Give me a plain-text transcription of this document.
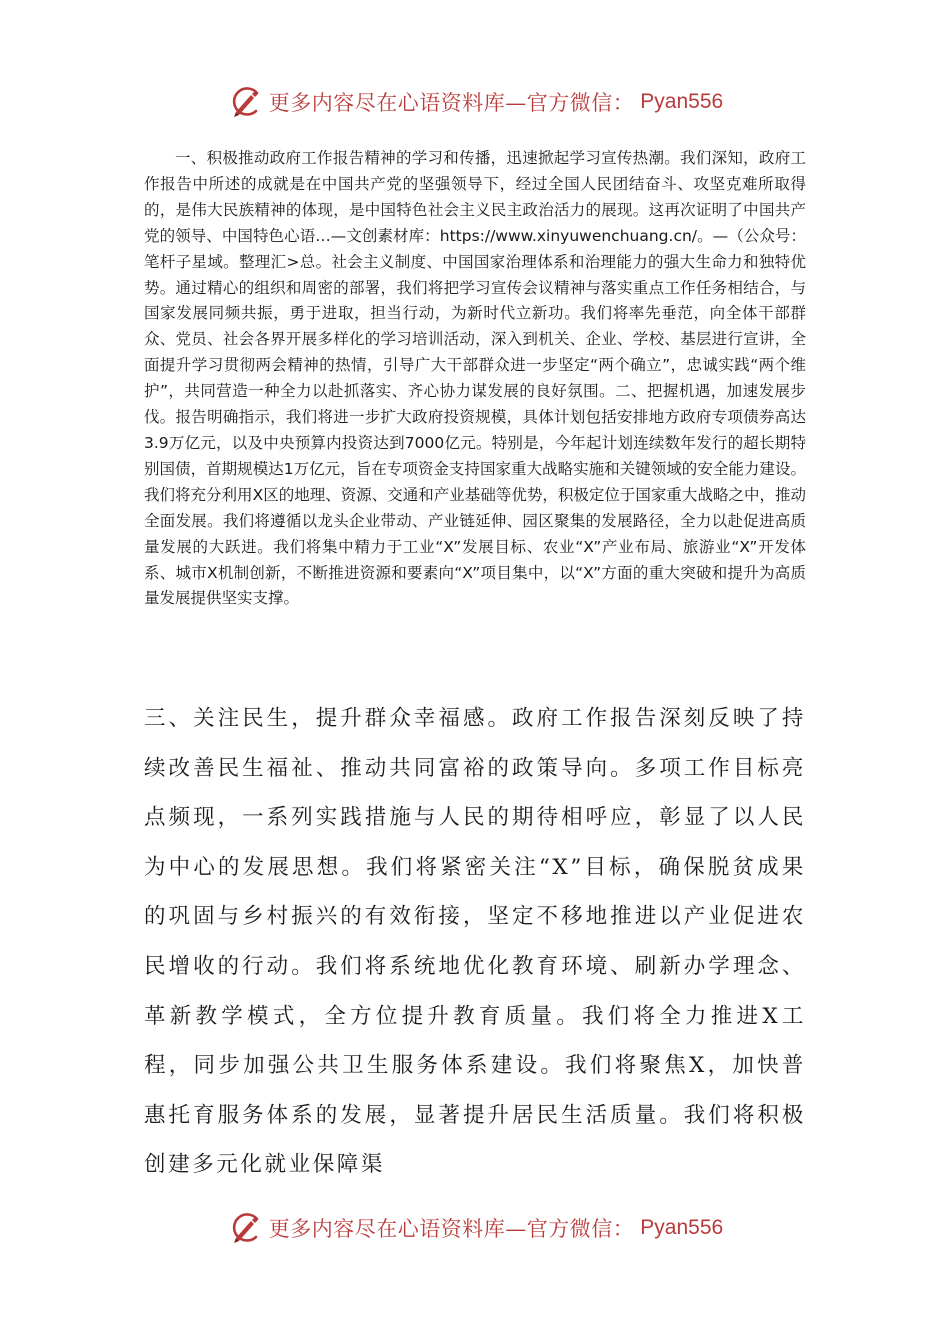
更多内容尽在心语资料库—官方微信： Pyan556

一、积极推动政府工作报告精神的学习和传播，迅速掀起学习宣传热潮。我们深知，政府工作报告中所述的成就是在中国共产党的坚强领导下，经过全国人民团结奋斗、攻坚克难所取得的，是伟大民族精神的体现，是中国特色社会主义民主政治活力的展现。这再次证明了中国共产党的领导、中国特色心语…—文创素材库：https://www.xinyuwenchuang.cn/。—（公众号：笔杆子星域。整理汇>总。社会主义制度、中国国家治理体系和治理能力的强大生命力和独特优势。通过精心的组织和周密的部署，我们将把学习宣传会议精神与落实重点工作任务相结合，与国家发展同频共振，勇于进取，担当行动，为新时代立新功。我们将率先垂范，向全体干部群众、党员、社会各界开展多样化的学习培训活动，深入到机关、企业、学校、基层进行宣讲，全面提升学习贯彻两会精神的热情，引导广大干部群众进一步坚定“两个确立”，忠诚实践“两个维护”，共同营造一种全力以赴抓落实、齐心协力谋发展的良好氛围。二、把握机遇，加速发展步伐。报告明确指示，我们将进一步扩大政府投资规模，具体计划包括安排地方政府专项债券高达3.9万亿元，以及中央预算内投资达到7000亿元。特别是，今年起计划连续数年发行的超长期特别国债，首期规模达1万亿元，旨在专项资金支持国家重大战略实施和关键领域的安全能力建设。我们将充分利用X区的地理、资源、交通和产业基础等优势，积极定位于国家重大战略之中，推动全面发展。我们将遵循以龙头企业带动、产业链延伸、园区聚集的发展路径，全力以赴促进高质量发展的大跃进。我们将集中精力于工业“X”发展目标、农业“X”产业布局、旅游业“X”开发体系、城市X机制创新，不断推进资源和要素向“X”项目集中，以“X”方面的重大突破和提升为高质量发展提供坚实支撑。

三、关注民生，提升群众幸福感。政府工作报告深刻反映了持续改善民生福祉、推动共同富裕的政策导向。多项工作目标亮点频现，一系列实践措施与人民的期待相呼应，彰显了以人民为中心的发展思想。我们将紧密关注“X”目标，确保脱贫成果的巩固与乡村振兴的有效衔接，坚定不移地推进以产业促进农民增收的行动。我们将系统地优化教育环境、刷新办学理念、革新教学模式，全方位提升教育质量。我们将全力推进X工程，同步加强公共卫生服务体系建设。我们将聚焦X，加快普惠托育服务体系的发展，显著提升居民生活质量。我们将积极创建多元化就业保障渠

更多内容尽在心语资料库—官方微信： Pyan556
